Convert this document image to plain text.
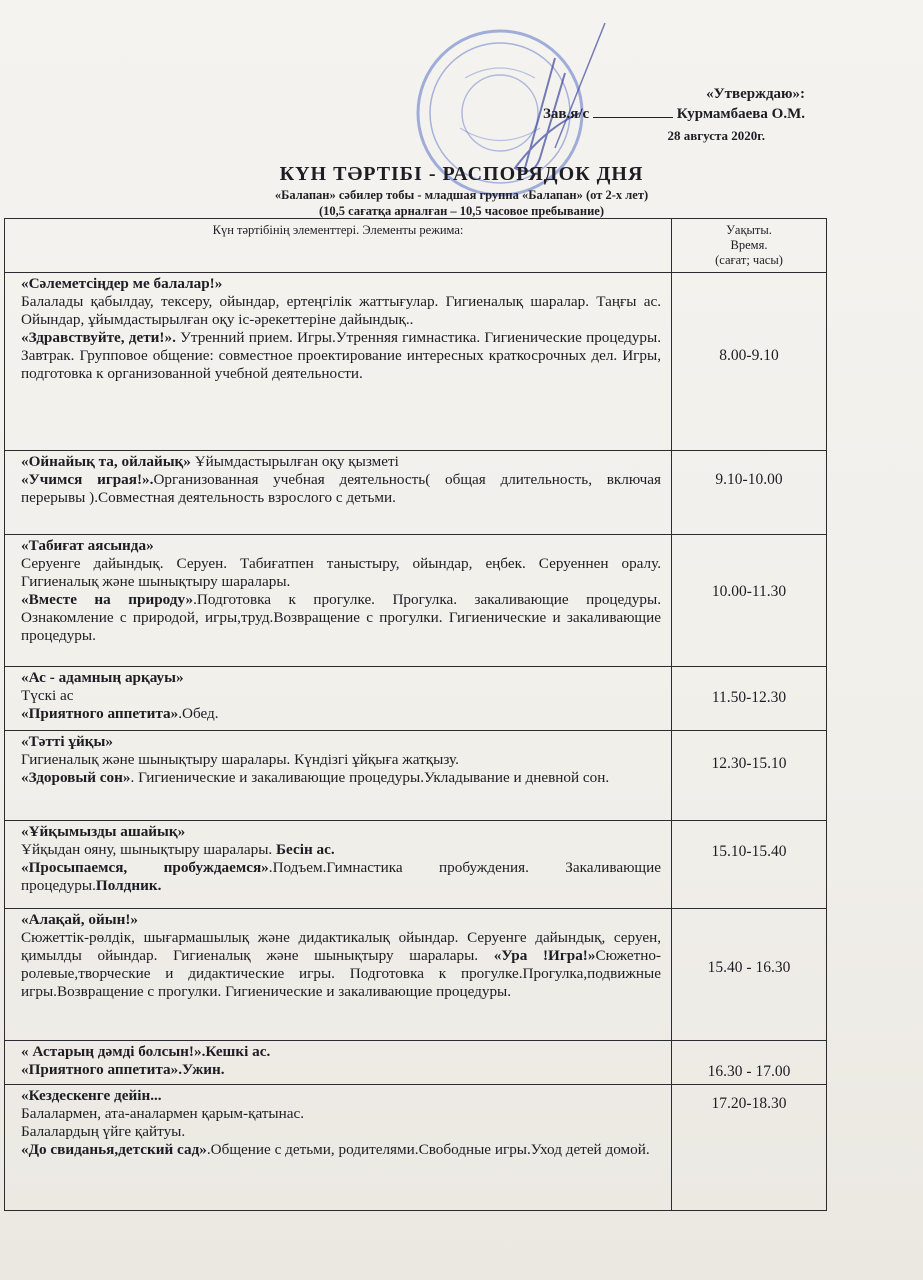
«Утверждаю»:
Зав.я/с	Курмамбаева О.М.
28 августа 2020г.
КҮН ТӘРТІБІ - РАСПОРЯДОК ДНЯ
«Балапан» сәбилер тобы - младшая группа «Балапан» (от 2-х лет)
(10,5 сағатқа арналған – 10,5 часовое пребывание)
Күн тәртібінің элементтері. Элементы режима:	Уақыты.
Время.
(сағат; часы)

«Сәлеметсіңдер ме балалар!»
Балалады қабылдау, тексеру, ойындар, ертеңгілік жаттығулар. Гигиеналық шаралар. Таңғы ас. Ойындар, ұйымдастырылған оқу іс-әрекеттеріне дайындық..
«Здравствуйте, дети!». Утренний прием. Игры.Утренняя гимнастика. Гигиенические процедуры. Завтрак. Групповое общение: совместное проектирование интересных краткосрочных дел. Игры, подготовка к организованной учебной деятельности.	8.00-9.10

«Ойнайық та, ойлайық» Ұйымдастырылған оқу қызметі
«Учимся играя!».Организованная учебная деятельность( общая длительность, включая перерывы ).Совместная деятельность взрослого с детьми.	9.10-10.00

«Табиғат аясында»
Серуенге дайындық. Серуен. Табиғатпен таныстыру, ойындар, еңбек. Серуеннен оралу. Гигиеналық және шынықтыру шаралары.
«Вместе на природу».Подготовка к прогулке. Прогулка. закаливающие процедуры. Ознакомление с природой, игры,труд.Возвращение с прогулки. Гигиенические и закаливающие процедуры.	10.00-11.30

«Ас - адамның арқауы»
Түскі ас
«Приятного аппетита».Обед.	11.50-12.30

«Тәтті ұйқы»
Гигиеналық және шынықтыру шаралары. Күндізгі ұйқыға жатқызу.
«Здоровый сон». Гигиенические и закаливающие процедуры.Укладывание и дневной сон.	12.30-15.10

«Ұйқымызды ашайық»
Ұйқыдан ояну, шынықтыру шаралары. Бесін ас.
«Просыпаемся, пробуждаемся».Подъем.Гимнастика пробуждения. Закаливающие процедуры.Полдник.	15.10-15.40

«Алақай, ойын!»
Сюжеттік-рөлдік, шығармашылық және дидактикалық ойындар. Серуенге дайындық, серуен, қимылды ойындар. Гигиеналық және шынықтыру шаралары. «Ура !Игра!»Сюжетно-ролевые,творческие и дидактические игры. Подготовка к прогулке.Прогулка,подвижные игры.Возвращение с прогулки. Гигиенические и закаливающие процедуры.	15.40 - 16.30

« Астарың дәмді болсын!».Кешкі ас.
«Приятного аппетита».Ужин.	16.30 - 17.00

«Кездескенге дейін...
Балалармен, ата-аналармен қарым-қатынас.
Балалардың үйге қайтуы.
«До свиданья,детский сад».Общение с детьми, родителями.Свободные игры.Уход детей домой.	17.20-18.30
